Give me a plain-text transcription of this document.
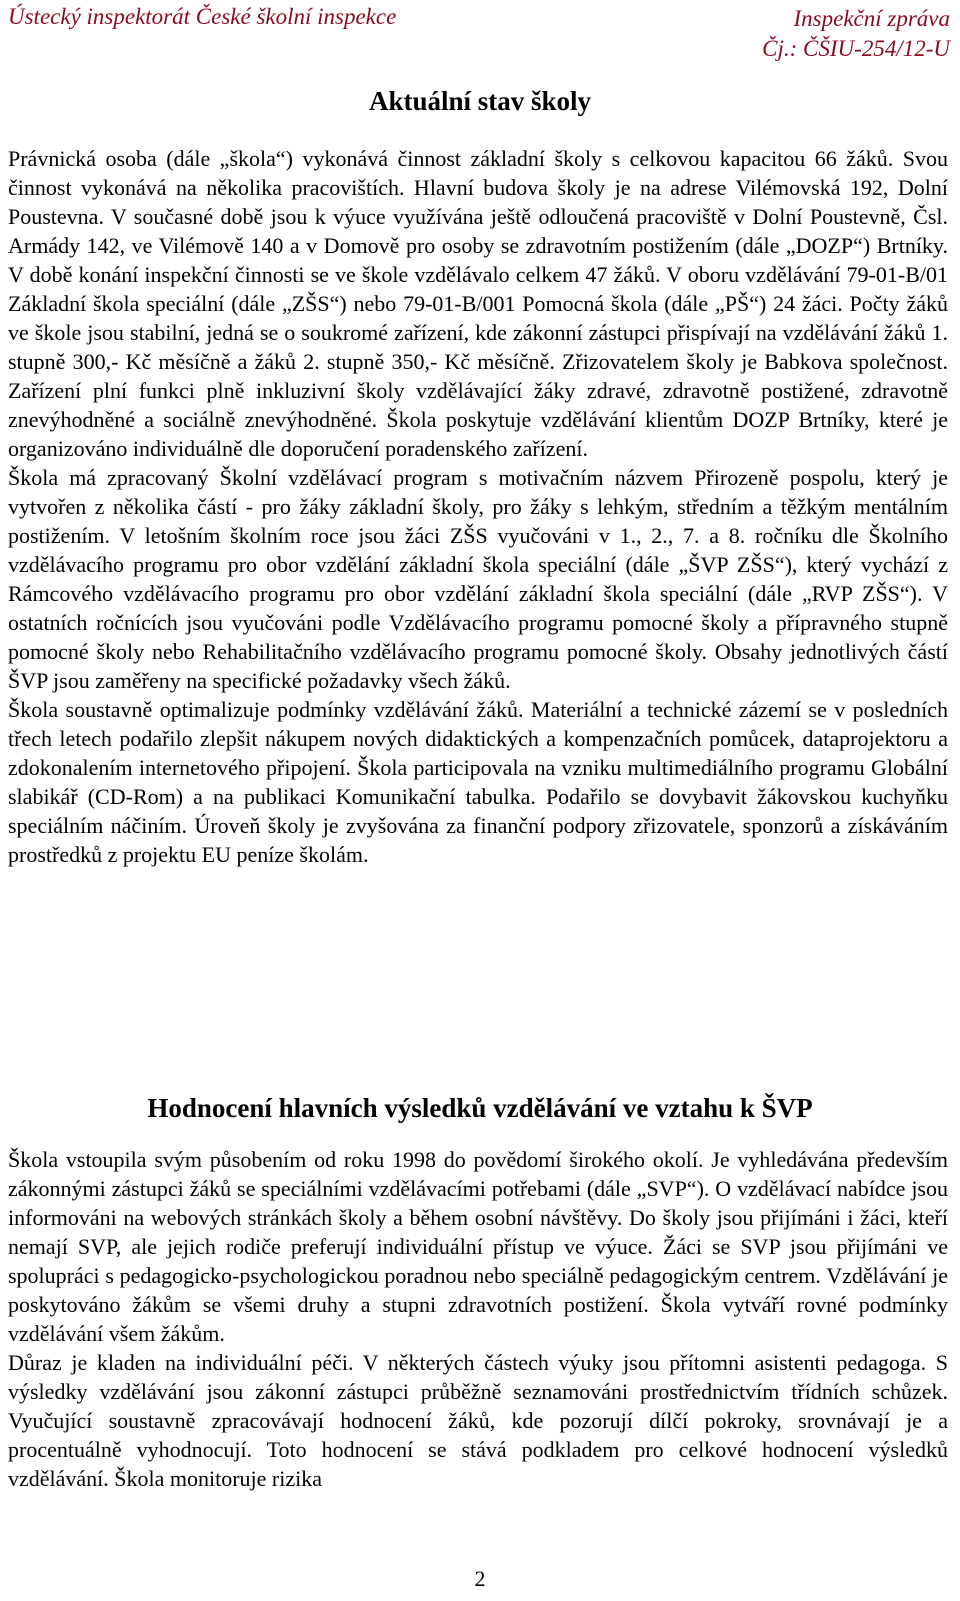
Ústecký inspektorát České školní inspekce	Inspekční zpráva
Čj.: ČŠIU-254/12-U
Aktuální stav školy

Právnická osoba (dále „škola“) vykonává činnost základní školy s celkovou kapacitou 66 žáků. Svou činnost vykonává na několika pracovištích. Hlavní budova školy je na adrese Vilémovská 192, Dolní Poustevna. V současné době jsou k výuce využívána ještě odloučená pracoviště v Dolní Poustevně, Čsl. Armády 142, ve Vilémově 140 a v Domově pro osoby se zdravotním postižením (dále „DOZP“) Brtníky. V době konání inspekční činnosti se ve škole vzdělávalo celkem 47 žáků. V oboru vzdělávání 79-01-B/01 Základní škola speciální (dále „ZŠS“) nebo 79-01-B/001 Pomocná škola (dále „PŠ“) 24 žáci. Počty žáků ve škole jsou stabilní, jedná se o soukromé zařízení, kde zákonní zástupci přispívají na vzdělávání žáků 1. stupně 300,- Kč měsíčně a žáků 2. stupně 350,- Kč měsíčně. Zřizovatelem školy je Babkova společnost. Zařízení plní funkci plně inkluzivní školy vzdělávající žáky zdravé, zdravotně postižené, zdravotně znevýhodněné a sociálně znevýhodněné. Škola poskytuje vzdělávání klientům DOZP Brtníky, které je organizováno individuálně dle doporučení poradenského zařízení.

Škola má zpracovaný Školní vzdělávací program s motivačním názvem Přirozeně pospolu, který je vytvořen z několika částí - pro žáky základní školy, pro žáky s lehkým, středním a těžkým mentálním postižením. V letošním školním roce jsou žáci ZŠS vyučováni v 1., 2., 7. a 8. ročníku dle Školního vzdělávacího programu pro obor vzdělání základní škola speciální (dále „ŠVP ZŠS“), který vychází z Rámcového vzdělávacího programu pro obor vzdělání základní škola speciální (dále „RVP ZŠS“). V ostatních ročnících jsou vyučováni podle Vzdělávacího programu pomocné školy a přípravného stupně pomocné školy nebo Rehabilitačního vzdělávacího programu pomocné školy. Obsahy jednotlivých částí ŠVP jsou zaměřeny na specifické požadavky všech žáků.

Škola soustavně optimalizuje podmínky vzdělávání žáků. Materiální a technické zázemí se v posledních třech letech podařilo zlepšit nákupem nových didaktických a kompenzačních pomůcek, dataprojektoru a zdokonalením internetového připojení. Škola participovala na vzniku multimediálního programu Globální slabikář (CD-Rom) a na publikaci Komunikační tabulka. Podařilo se dovybavit žákovskou kuchyňku speciálním náčiním. Úroveň školy je zvyšována za finanční podpory zřizovatele, sponzorů a získáváním prostředků z projektu EU peníze školám.

Hodnocení hlavních výsledků vzdělávání ve vztahu k ŠVP

Škola vstoupila svým působením od roku 1998 do povědomí širokého okolí. Je vyhledávána především zákonnými zástupci žáků se speciálními vzdělávacími potřebami (dále „SVP“). O vzdělávací nabídce jsou informováni na webových stránkách školy a během osobní návštěvy. Do školy jsou přijímáni i žáci, kteří nemají SVP, ale jejich rodiče preferují individuální přístup ve výuce. Žáci se SVP jsou přijímáni ve spolupráci s pedagogicko-psychologickou poradnou nebo speciálně pedagogickým centrem. Vzdělávání je poskytováno žákům se všemi druhy a stupni zdravotních postižení. Škola vytváří rovné podmínky vzdělávání všem žákům.

Důraz je kladen na individuální péči. V některých částech výuky jsou přítomni asistenti pedagoga. S výsledky vzdělávání jsou zákonní zástupci průběžně seznamováni prostřednictvím třídních schůzek. Vyučující soustavně zpracovávají hodnocení žáků, kde pozorují dílčí pokroky, srovnávají je a procentuálně vyhodnocují. Toto hodnocení se stává podkladem pro celkové hodnocení výsledků vzdělávání. Škola monitoruje rizika

2
